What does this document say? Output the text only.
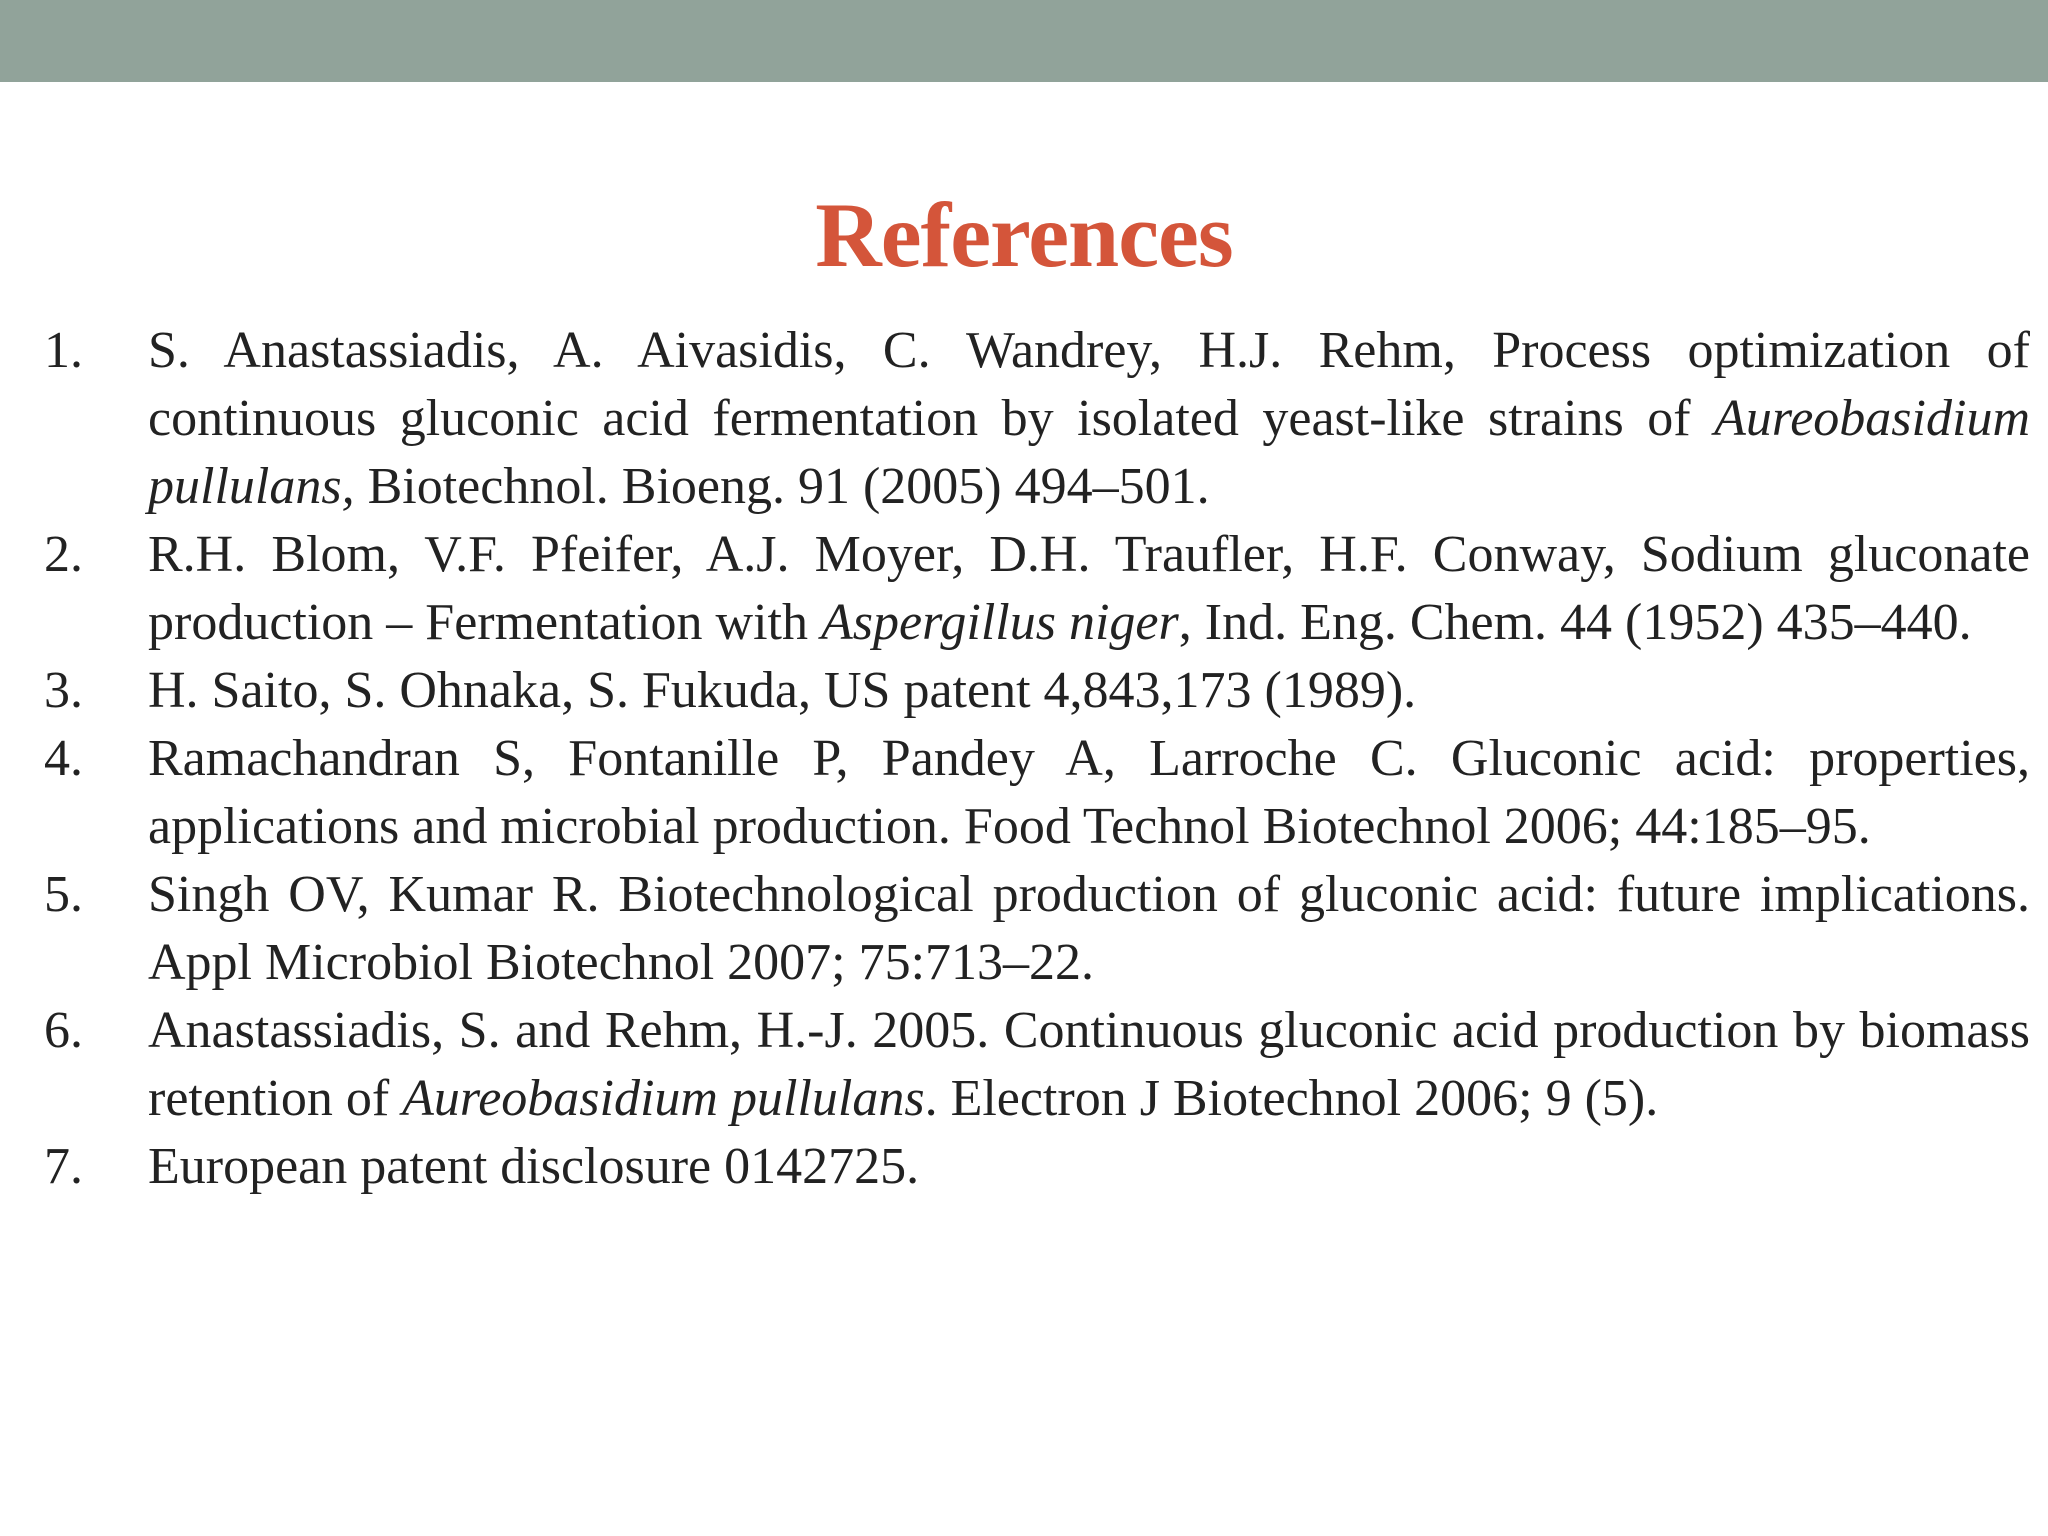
References
1.	S. Anastassiadis, A. Aivasidis, C. Wandrey, H.J. Rehm, Process optimization of continuous gluconic acid fermentation by isolated yeast-like strains of Aureobasidium pullulans, Biotechnol. Bioeng. 91 (2005) 494–501.
2.	R.H. Blom, V.F. Pfeifer, A.J. Moyer, D.H. Traufler, H.F. Conway, Sodium gluconate production – Fermentation with Aspergillus niger, Ind. Eng. Chem. 44 (1952) 435–440.
3.	H. Saito, S. Ohnaka, S. Fukuda, US patent 4,843,173 (1989).
4.	Ramachandran S, Fontanille P, Pandey A, Larroche C. Gluconic acid: properties, applications and microbial production. Food Technol Biotechnol 2006; 44:185–95.
5.	Singh OV, Kumar R. Biotechnological production of gluconic acid: future implications. Appl Microbiol Biotechnol 2007; 75:713–22.
6.	Anastassiadis, S. and Rehm, H.-J. 2005. Continuous gluconic acid production by biomass retention of Aureobasidium pullulans. Electron J Biotechnol 2006; 9 (5).
7.	European patent disclosure 0142725.
